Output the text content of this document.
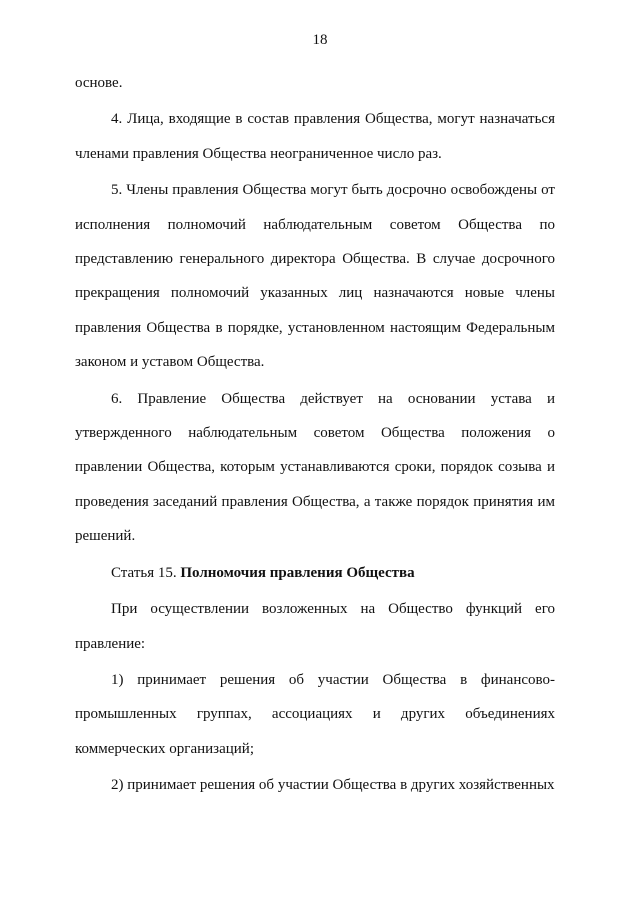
18

основе.

4. Лица, входящие в состав правления Общества, могут назначаться членами правления Общества неограниченное число раз.

5. Члены правления Общества могут быть досрочно освобождены от исполнения полномочий наблюдательным советом Общества по представлению генерального директора Общества. В случае досрочного прекращения полномочий указанных лиц назначаются новые члены правления Общества в порядке, установленном настоящим Федеральным законом и уставом Общества.

6. Правление Общества действует на основании устава и утвержденного наблюдательным советом Общества положения о правлении Общества, которым устанавливаются сроки, порядок созыва и проведения заседаний правления Общества, а также порядок принятия им решений.

Статья 15. Полномочия правления Общества

При осуществлении возложенных на Общество функций его правление:

1) принимает решения об участии Общества в финансово-промышленных группах, ассоциациях и других объединениях коммерческих организаций;

2) принимает решения об участии Общества в других хозяйственных
